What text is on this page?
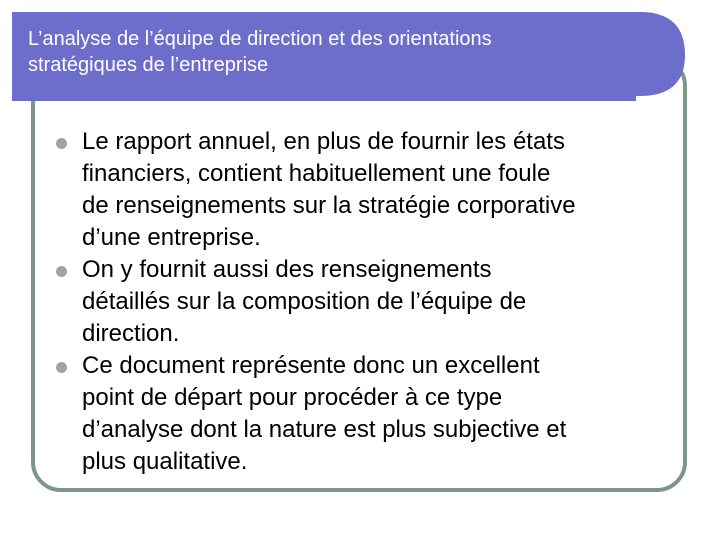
L’analyse de l’équipe de direction et des orientations
stratégiques de l’entreprise
Le rapport annuel, en plus de fournir les états
financiers, contient habituellement une foule
de renseignements sur la stratégie corporative
d’une entreprise.
On y fournit aussi des renseignements
détaillés sur la composition de l’équipe de
direction.
Ce document représente donc un excellent
point de départ pour procéder à ce type
d’analyse dont la nature est plus subjective et
plus qualitative.
